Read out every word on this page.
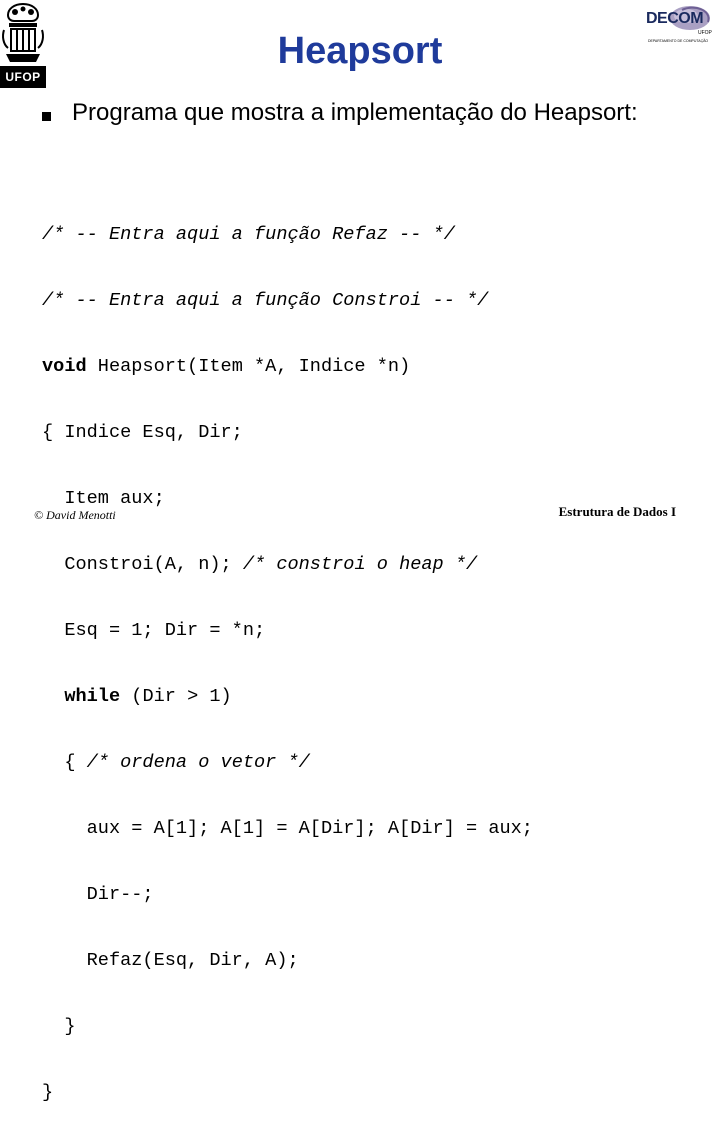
UFOP
DECOM
UFOP
DEPARTAMENTO DE COMPUTAÇÃO
Heapsort
Programa que mostra a implementação do Heapsort:

/* -- Entra aqui a função Refaz -- */

/* -- Entra aqui a função Constroi -- */

void Heapsort(Item *A, Indice *n)

{ Indice Esq, Dir;

Item aux;

Constroi(A, n); /* constroi o heap */

Esq = 1; Dir = *n;

while (Dir > 1)

{ /* ordena o vetor */

aux = A[1]; A[1] = A[Dir]; A[Dir] = aux;

Dir--;

Refaz(Esq, Dir, A);

}

}

© David Menotti	Estrutura de Dados I
